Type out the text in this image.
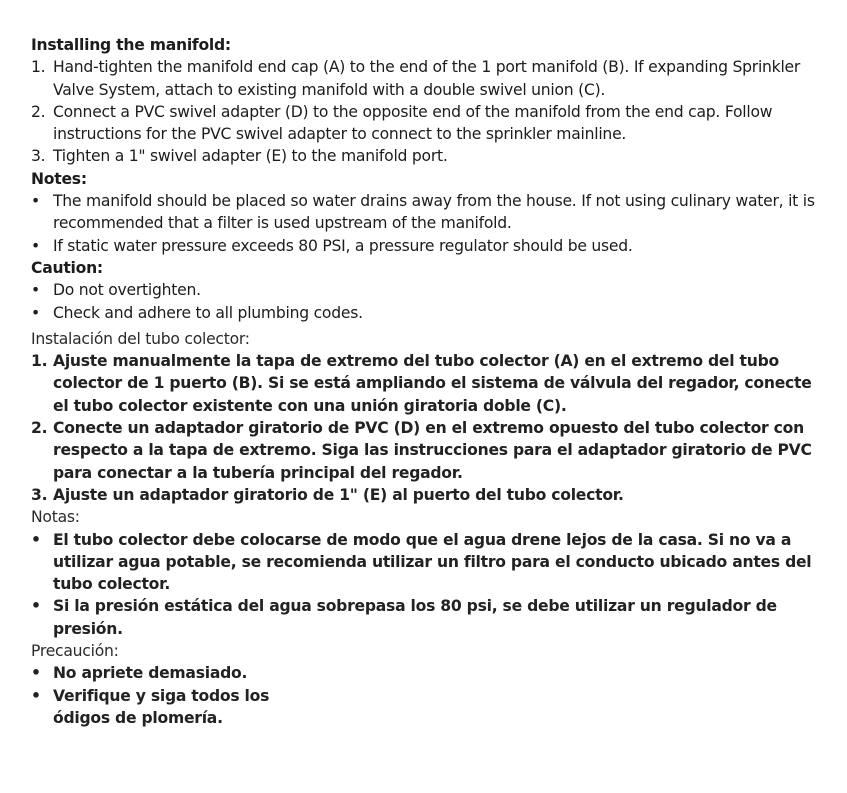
Installing the manifold:
1. Hand-tighten the manifold end cap (A) to the end of the 1 port manifold (B). If expanding Sprinkler Valve System, attach to existing manifold with a double swivel union (C).
2. Connect a PVC swivel adapter (D) to the opposite end of the manifold from the end cap. Follow instructions for the PVC swivel adapter to connect to the sprinkler mainline.
3. Tighten a 1" swivel adapter (E) to the manifold port.
Notes:
• The manifold should be placed so water drains away from the house. If not using culinary water, it is recommended that a filter is used upstream of the manifold.
• If static water pressure exceeds 80 PSI, a pressure regulator should be used.
Caution:
• Do not overtighten.
• Check and adhere to all plumbing codes.
Instalación del tubo colector:
1. Ajuste manualmente la tapa de extremo del tubo colector (A) en el extremo del tubo colector de 1 puerto (B). Si se está ampliando el sistema de válvula del regador, conecte el tubo colector existente con una unión giratoria doble (C).
2. Conecte un adaptador giratorio de PVC (D) en el extremo opuesto del tubo colector con respecto a la tapa de extremo. Siga las instrucciones para el adaptador giratorio de PVC para conectar a la tubería principal del regador.
3. Ajuste un adaptador giratorio de 1" (E) al puerto del tubo colector.
Notas:
• El tubo colector debe colocarse de modo que el agua drene lejos de la casa. Si no va a utilizar agua potable, se recomienda utilizar un filtro para el conducto ubicado antes del tubo colector.
• Si la presión estática del agua sobrepasa los 80 psi, se debe utilizar un regulador de presión.
Precaución:
• No apriete demasiado.
• Verifique y siga todos los ódigos de plomería.
